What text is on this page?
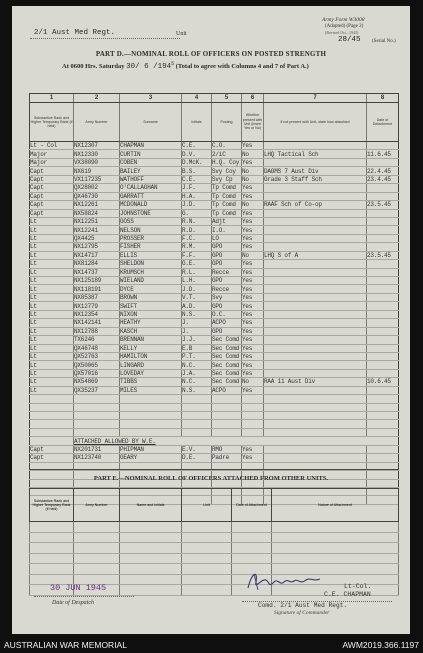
2/1 Aust Med Regt.	Unit
Army Form W3008
(Adapted) (Page 2)
(Revised Oct., 1943)
28/45 (Serial No.)
PART D.—NOMINAL ROLL OF OFFICERS ON POSTED STRENGTH
At 0600 Hrs. Saturday 30/ 6 $/194^5$ (Total to agree with Columns 4 and 7 of Part A.)
1	2	3	4	5	6	7	8
Substantive Rank and Higher Temporary Rank (if held)	Army Number	Surname	Initials	Posting	Whether present with Unit (insert Yes or No)	If not present with Unit, state how absorbed	Date of Detachment
Lt - Col	NX12307	CHAPMAN	C.E.	C.O.	Yes		
Major	NX12330	CURTIN	D.V.	2/iC	No	LHQ Tactical Sch	11.6.45
Major	VX38090	COBEN	D.McK.	H.Q. Coy	Yes		
Capt	NX619	BAILEY	B.S.	Svy Coy	No	DAGMS 7 Aust Div	22.4.45
Capt	VX117235	WATHOFF	C.E.	Svy Cp	No	Grade 3 Staff Sch	23.4.45
Capt	QX28002	O'CALLAGHAN	J.F.	Tp Comd	Yes		
Capt	QX46730	GARRATT	H.A.	Tp Comd	Yes		
Capt	NX12261	MCDONALD	J.D.	Tp Comd	No	RAAF Sch of Co-op	23.5.45
Capt	NX58824	JOHNSTONE	G.	Tp Comd	Yes		
Lt	NX12251	GOSS	R.N.	Adjt	Yes		
Lt	NX12241	NELSON	R.D.	I.O.	Yes		
Lt	QX4425	PROSSER	F.C.	LO	Yes		
Lt	NX12795	FISHER	R.M.	GPO	Yes		
Lt	NX14717	ELLIS	F.F.	GPO	No	LHQ S of A	23.5.45
Lt	NX81284	SHELDON	G.E.	GPO	Yes		
Lt	NX14737	KRUMSCH	R.L.	Recce	Yes		
Lt	NX125189	WIELAND	L.H.	GPO	Yes		
Lt	NX118191	DYCE	J.D.	Recce	Yes		
Lt	NX85387	BROWN	V.T.	Svy	Yes		
Lt	NX12779	SWIFT	A.D.	GPO	Yes		
Lt	NX12354	NIXON	N.S.	O.C.	Yes		
Lt	NX142141	HEATHY	J.	ACPO	Yes		
Lt	NX12788	KASCH	J.	GPO	Yes		
Lt	TX6246	BRENNAN	J.J.	Sec Comd	Yes		
Lt	QX46748	KELLY	E.B	Sec Comd	Yes		
Lt	QX52763	HAMILTON	P.T.	Sec Comd	Yes		
Lt	QX50065	LINGARD	N.C.	Sec Comd	Yes		
Lt	QX57016	LOVEDAY	J.A.	Sec Comd	Yes		
Lt	NX54869	TIBBS	N.C.	Sec Comd	No	RAA 11 Aust Div	10.6.45
Lt	QX35237	MILES	N.S.	ACPO	Yes		

	ATTACHED ALLOWED BY W.E.						
Capt	NX201731	PHIPMAN	E.V.	RMO	Yes		
Capt	NX123740	GEARY	D.E.	Padre	Yes		

PART E.—NOMINAL ROLL OF OFFICERS ATTACHED FROM OTHER UNITS.
Substantive Rank and Higher Temporary Rank (if held)	Army Number	Name and Initials	Unit	Date of Attachment	Nature of Attachment

30 JUN 1945
Date of Despatch
Lt-Col.
C.E. CHAPMAN
Comd. 2/1 Aust Med Regt.
Signature of Commander
AUSTRALIAN WAR MEMORIAL	AWM2019.366.1197
